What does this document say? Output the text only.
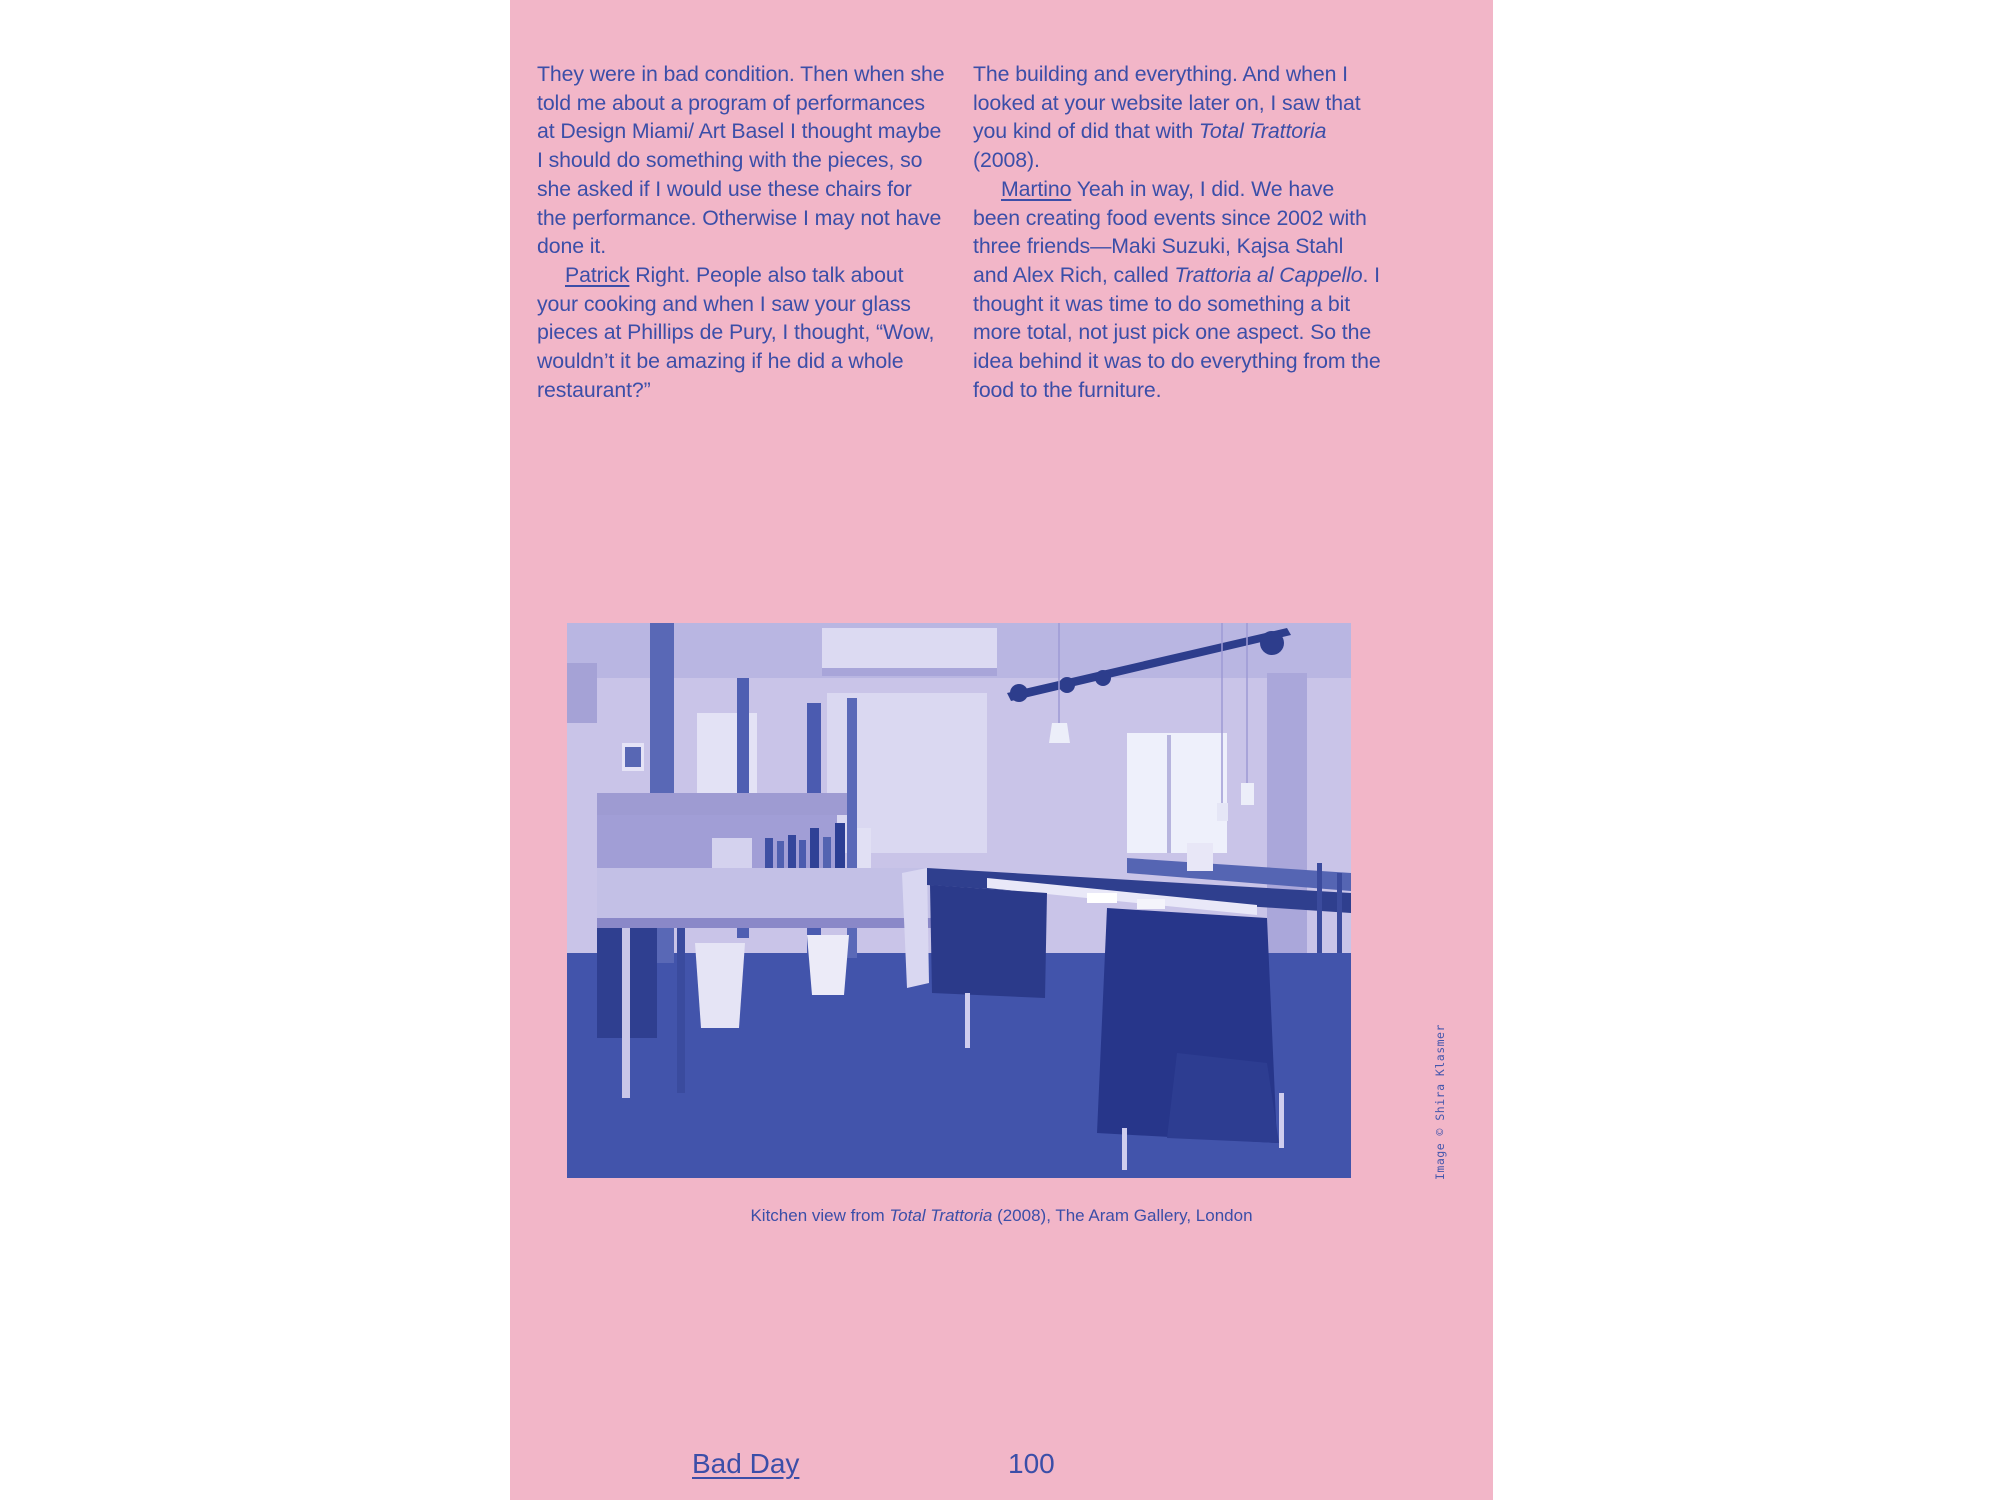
They were in bad condition. Then when she told me about a program of performances at Design Miami/ Art Basel I thought maybe I should do something with the pieces, so she asked if I would use these chairs for the performance. Otherwise I may not have done it.

Patrick Right. People also talk about your cooking and when I saw your glass pieces at Phillips de Pury, I thought, “Wow, wouldn’t it be amazing if he did a whole restaurant?”

The building and everything. And when I looked at your website later on, I saw that you kind of did that with Total Trattoria (2008).

Martino Yeah in way, I did. We have been creating food events since 2002 with three friends—Maki Suzuki, Kajsa Stahl and Alex Rich, called Trattoria al Cappello. I thought it was time to do something a bit more total, not just pick one aspect. So the idea behind it was to do everything from the food to the furniture.

Kitchen view from Total Trattoria (2008), The Aram Gallery, London
Bad Day	100
Image © Shira Klasmer
